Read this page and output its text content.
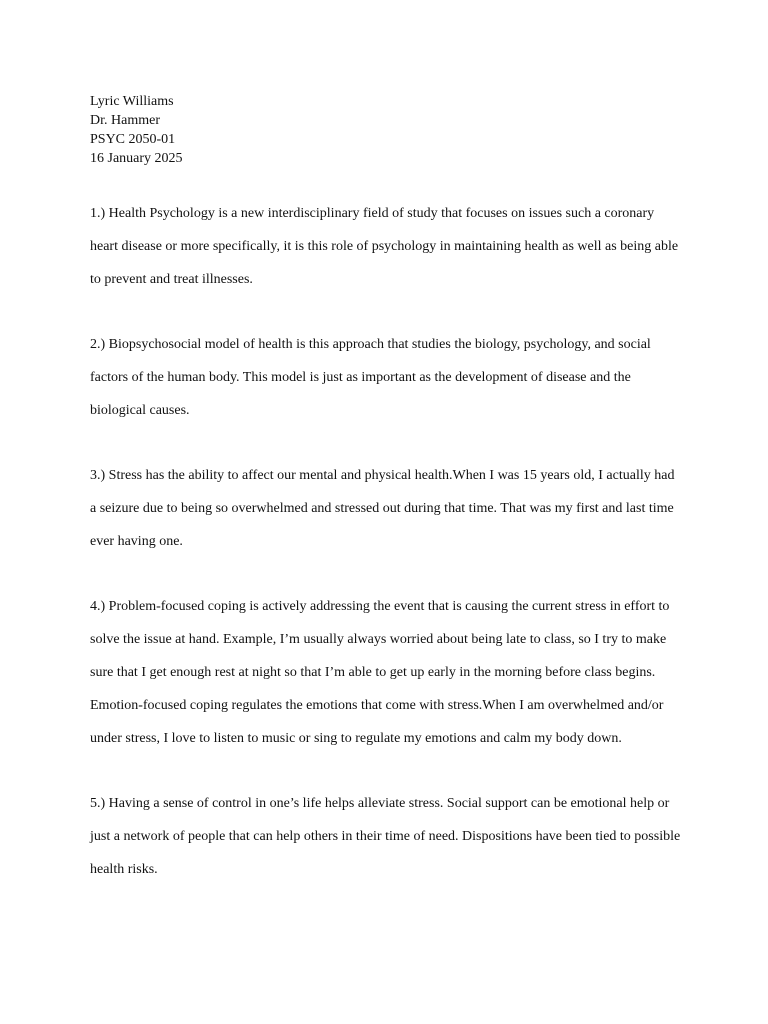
Lyric Williams
Dr. Hammer
PSYC 2050-01
16 January 2025

1.) Health Psychology is a new interdisciplinary field of study that focuses on issues such a coronary
heart disease or more specifically, it is this role of psychology in maintaining health as well as being able
to prevent and treat illnesses.

2.) Biopsychosocial model of health is this approach that studies the biology, psychology, and social
factors of the human body. This model is just as important as the development of disease and the
biological causes.

3.) Stress has the ability to affect our mental and physical health.When I was 15 years old, I actually had
a seizure due to being so overwhelmed and stressed out during that time. That was my first and last time
ever having one.

4.) Problem-focused coping is actively addressing the event that is causing the current stress in effort to
solve the issue at hand. Example, I’m usually always worried about being late to class, so I try to make
sure that I get enough rest at night so that I’m able to get up early in the morning before class begins.
Emotion-focused coping regulates the emotions that come with stress.When I am overwhelmed and/or
under stress, I love to listen to music or sing to regulate my emotions and calm my body down.

5.) Having a sense of control in one’s life helps alleviate stress. Social support can be emotional help or
just a network of people that can help others in their time of need. Dispositions have been tied to possible
health risks.
